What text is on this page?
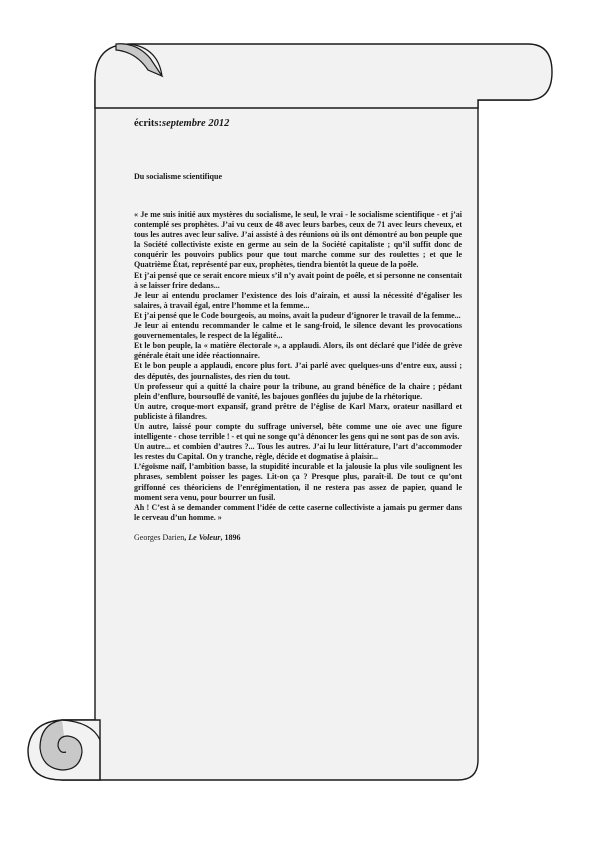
écrits:septembre 2012
Du socialisme scientifique

« Je me suis initié aux mystères du socialisme, le seul, le vrai - le socialisme scientifique - et j’ai contemplé ses prophètes. J’ai vu ceux de 48 avec leurs barbes, ceux de 71 avec leurs cheveux, et tous les autres avec leur salive. J’ai assisté à des réunions où ils ont démontré au bon peuple que la Société collectiviste existe en germe au sein de la Société capitaliste ; qu’il suffit donc de conquérir les pouvoirs publics pour que tout marche comme sur des roulettes ; et que le Quatrième État, représenté par eux, prophètes, tiendra bientôt la queue de la poêle.

Et j’ai pensé que ce serait encore mieux s’il n’y avait point de poêle, et si personne ne consentait à se laisser frire dedans...

Je leur ai entendu proclamer l’existence des lois d’airain, et aussi la nécessité d’égaliser les salaires, à travail égal, entre l’homme et la femme...

Et j’ai pensé que le Code bourgeois, au moins, avait la pudeur d’ignorer le travail de la femme...

Je leur ai entendu recommander le calme et le sang-froid, le silence devant les provocations gouvernementales, le respect de la légalité...

Et le bon peuple, la « matière électorale », a applaudi. Alors, ils ont déclaré que l’idée de grève générale était une idée réactionnaire.

Et le bon peuple a applaudi, encore plus fort. J’ai parlé avec quelques-uns d’entre eux, aussi ; des députés, des journalistes, des rien du tout.

Un professeur qui a quitté la chaire pour la tribune, au grand bénéfice de la chaire ; pédant plein d’enflure, boursouflé de vanité, les bajoues gonflées du jujube de la rhétorique.

Un autre, croque-mort expansif, grand prêtre de l’église de Karl Marx, orateur nasillard et publiciste à filandres.

Un autre, laissé pour compte du suffrage universel, bête comme une oie avec une figure intelligente - chose terrible ! - et qui ne songe qu’à dénoncer les gens qui ne sont pas de son avis.

Un autre... et combien d’autres ?... Tous les autres. J’ai lu leur littérature, l’art d’accommoder les restes du Capital. On y tranche, règle, décide et dogmatise à plaisir...

L’égoïsme naïf, l’ambition basse, la stupidité incurable et la jalousie la plus vile soulignent les phrases, semblent poisser les pages. Lit-on ça ? Presque plus, paraît-il. De tout ce qu’ont griffonné ces théoriciens de l’enrégimentation, il ne restera pas assez de papier, quand le moment sera venu, pour bourrer un fusil.

Ah ! C’est à se demander comment l’idée de cette caserne collectiviste a jamais pu germer dans le cerveau d’un homme. »

Georges Darien, Le Voleur, 1896
